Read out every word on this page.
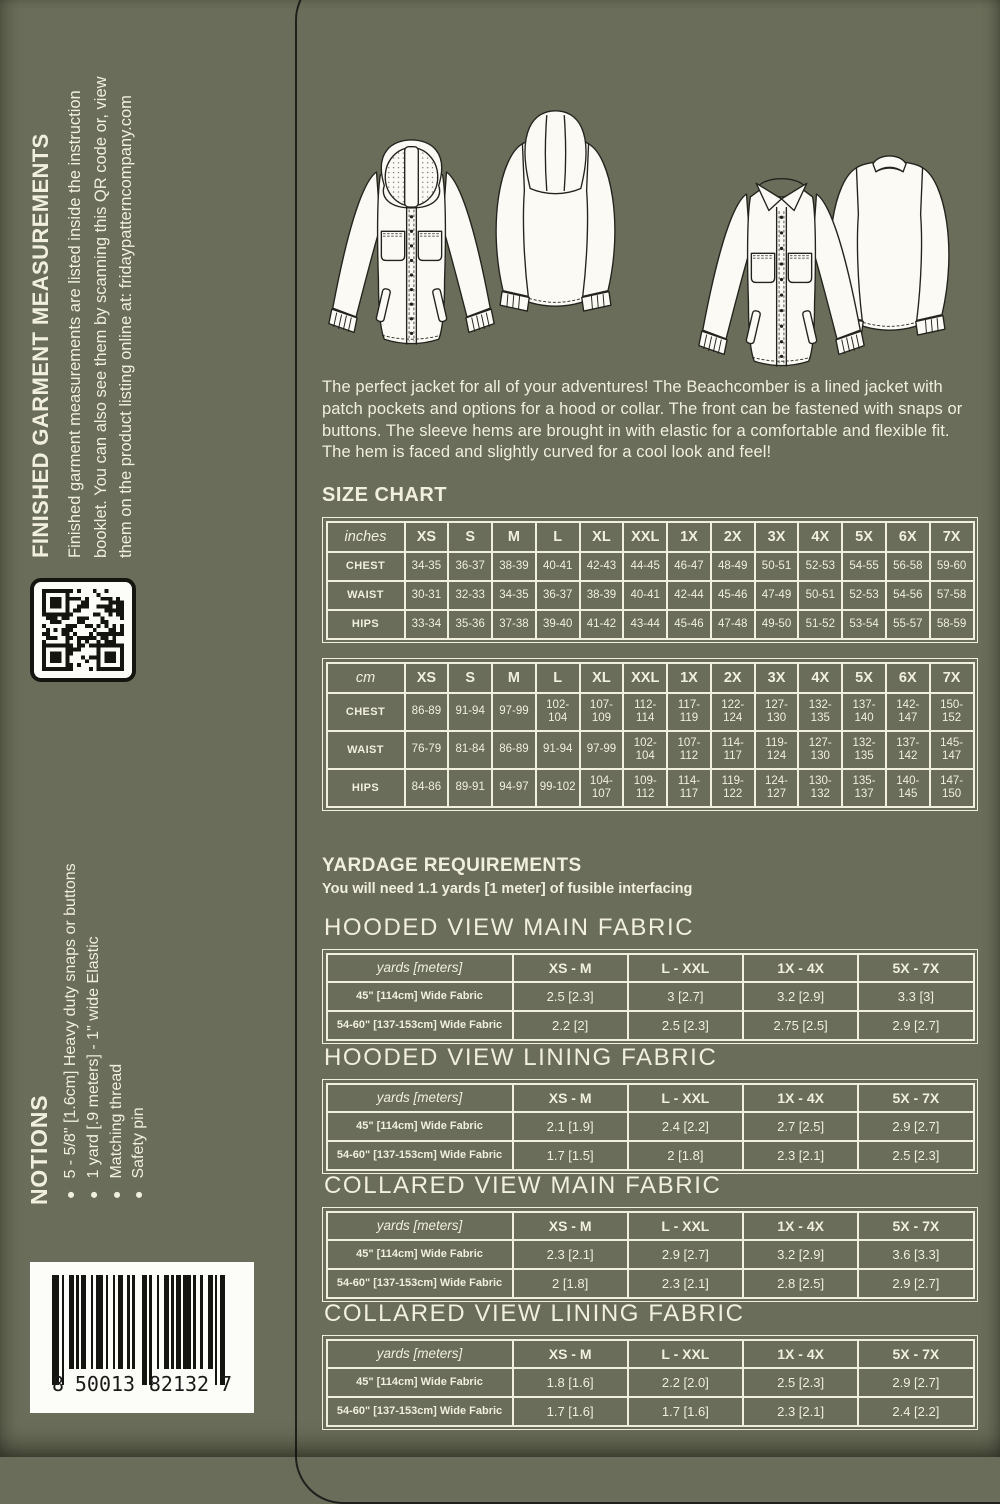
FINISHED GARMENT MEASUREMENTS Finished garment measurements are listed inside the instruction booklet. You can also see them by scanning this QR code or, view them on the product listing online at: fridaypatterncompany.com

NOTIONS ●
5 - 5/8" [1.6cm] Heavy duty snaps or buttons
●
1 yard [.9 meters] - 1" wide Elastic
●
Matching thread
●
Safety pin
8 50013 82132 7

The perfect jacket for all of your adventures! The Beachcomber is a lined jacket with patch pockets and options for a hood or collar. The front can be fastened with snaps or buttons. The sleeve hems are brought in with elastic for a comfortable and flexible fit. The hem is faced and slightly curved for a cool look and feel!

SIZE CHART
inches	XS	S	M	L	XL	XXL	1X	2X	3X	4X	5X	6X	7X
CHEST	34-35	36-37	38-39	40-41	42-43	44-45	46-47	48-49	50-51	52-53	54-55	56-58	59-60
WAIST	30-31	32-33	34-35	36-37	38-39	40-41	42-44	45-46	47-49	50-51	52-53	54-56	57-58
HIPS	33-34	35-36	37-38	39-40	41-42	43-44	45-46	47-48	49-50	51-52	53-54	55-57	58-59
cm	XS	S	M	L	XL	XXL	1X	2X	3X	4X	5X	6X	7X
CHEST	86-89	91-94	97-99	102-104	107-109	112-114	117-119	122-124	127-130	132-135	137-140	142-147	150-152
WAIST	76-79	81-84	86-89	91-94	97-99	102-104	107-112	114-117	119-124	127-130	132-135	137-142	145-147
HIPS	84-86	89-91	94-97	99-102	104-107	109-112	114-117	119-122	124-127	130-132	135-137	140-145	147-150
YARDAGE REQUIREMENTS

You will need 1.1 yards [1 meter] of fusible interfacing

HOODED VIEW MAIN FABRIC
yards [meters]	XS - M	L - XXL	1X - 4X	5X - 7X
45" [114cm] Wide Fabric	2.5 [2.3]	3 [2.7]	3.2 [2.9]	3.3 [3]
54-60" [137-153cm] Wide Fabric	2.2 [2]	2.5 [2.3]	2.75 [2.5]	2.9 [2.7]
HOODED VIEW LINING FABRIC
yards [meters]	XS - M	L - XXL	1X - 4X	5X - 7X
45" [114cm] Wide Fabric	2.1 [1.9]	2.4 [2.2]	2.7 [2.5]	2.9 [2.7]
54-60" [137-153cm] Wide Fabric	1.7 [1.5]	2 [1.8]	2.3 [2.1]	2.5 [2.3]
COLLARED VIEW MAIN FABRIC
yards [meters]	XS - M	L - XXL	1X - 4X	5X - 7X
45" [114cm] Wide Fabric	2.3 [2.1]	2.9 [2.7]	3.2 [2.9]	3.6 [3.3]
54-60" [137-153cm] Wide Fabric	2 [1.8]	2.3 [2.1]	2.8 [2.5]	2.9 [2.7]
COLLARED VIEW LINING FABRIC
yards [meters]	XS - M	L - XXL	1X - 4X	5X - 7X
45" [114cm] Wide Fabric	1.8 [1.6]	2.2 [2.0]	2.5 [2.3]	2.9 [2.7]
54-60" [137-153cm] Wide Fabric	1.7 [1.6]	1.7 [1.6]	2.3 [2.1]	2.4 [2.2]
